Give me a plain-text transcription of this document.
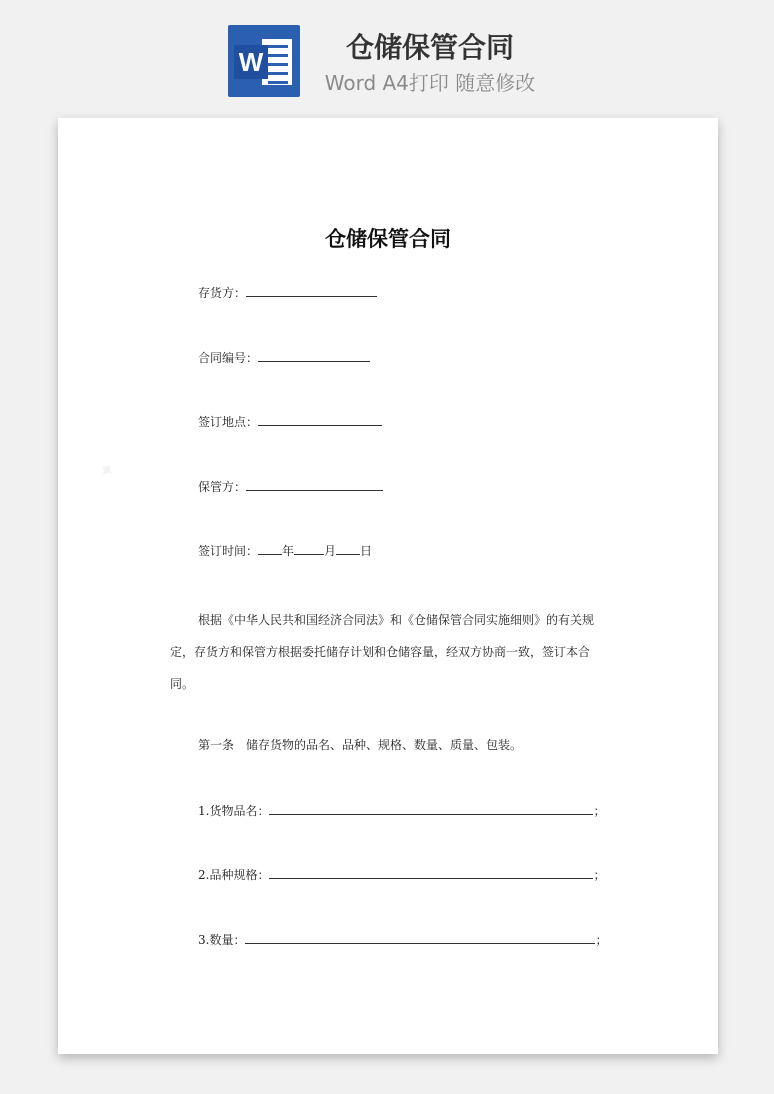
W	仓储保管合同
Word A4打印 随意修改
✦
仓储保管合同
存货方：
合同编号：
签订地点：
保管方：
签订时间： 年	月 日
根据《中华人民共和国经济合同法》和《仓储保管合同实施细则》的有关规定，存货方和保管方根据委托储存计划和仓储容量，经双方协商一致，签订本合同。
第一条　储存货物的品名、品种、规格、数量、质量、包装。
1.货物品名：	；
2.品种规格：	；
3.数量：	；
